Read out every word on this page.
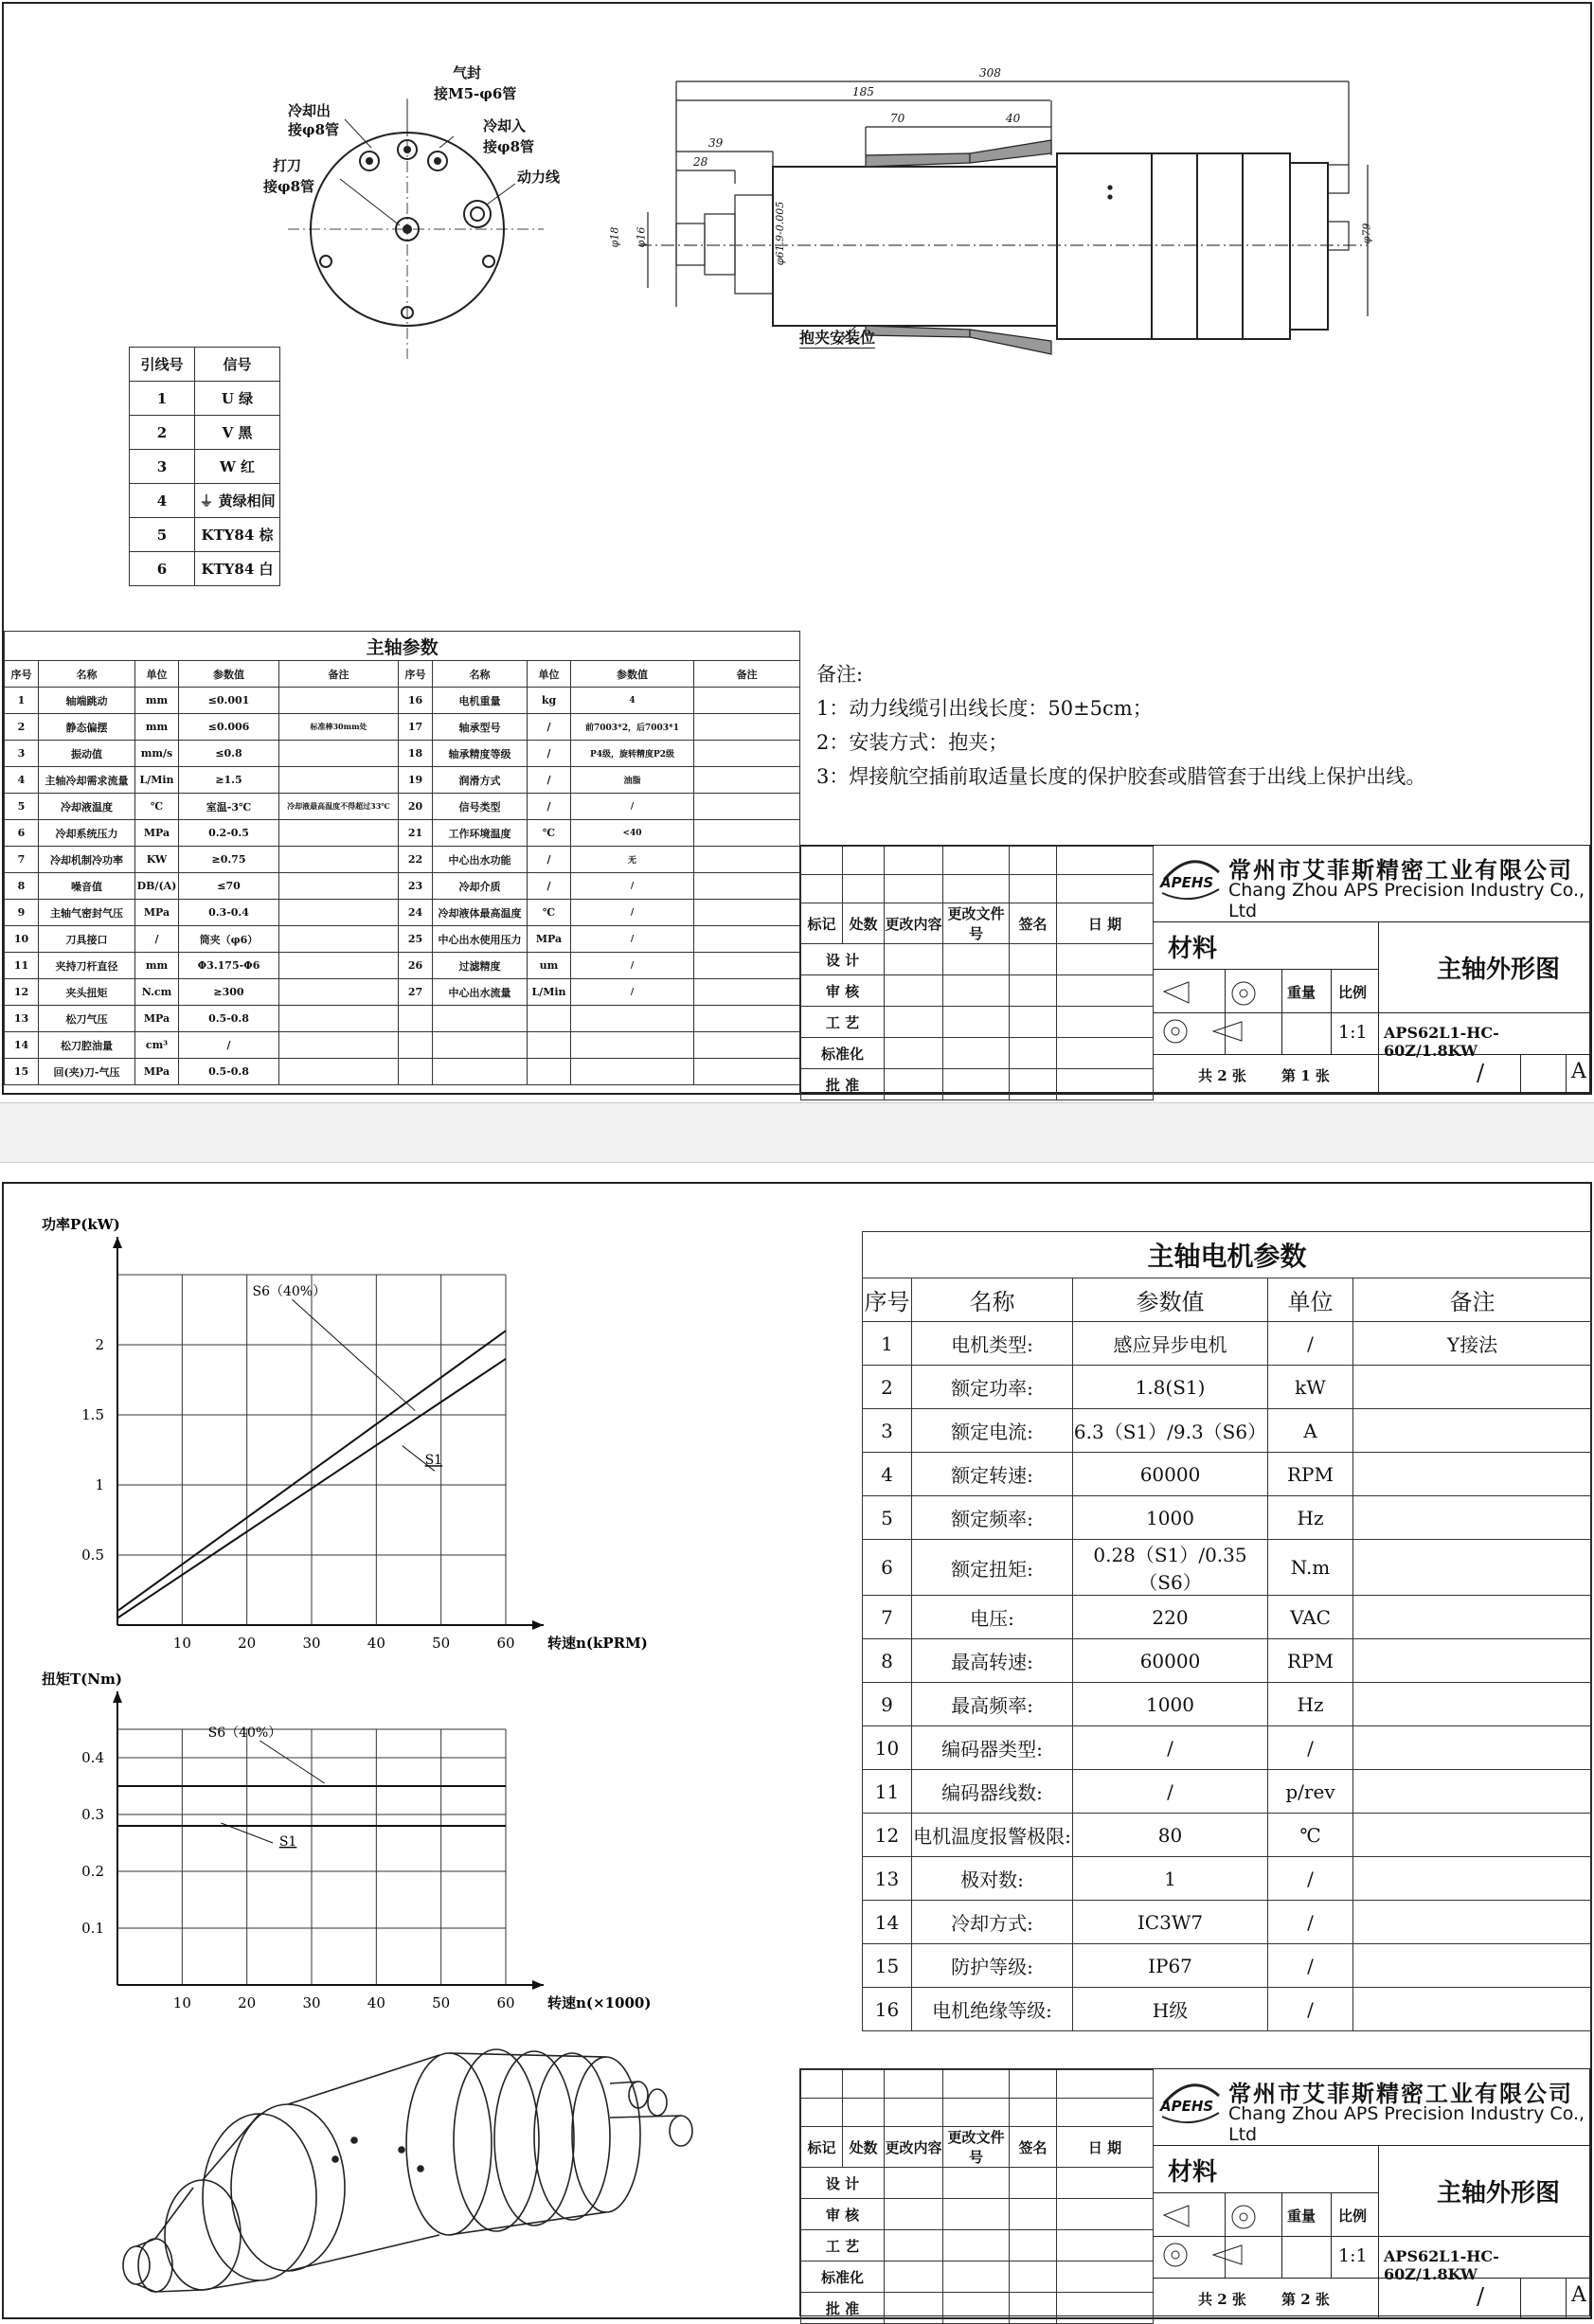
气封
接M5-φ6管
冷却出
接φ8管	冷却入
接φ8管
打刀
接φ8管
动力线
308
185
70	40
39
28
φ18 φ16	φ61.9-0.005	φ79
抱夹安装位
引线号	信号
1	U 绿
2	V 黑
3	W 红
4	⏚ 黄绿相间
5	KTY84 棕
6	KTY84 白
主轴参数									
序号	名称	单位	参数值	备注	序号	名称	单位	参数值	备注
1	轴端跳动	mm	≤0.001		16	电机重量	kg	4	
2	静态偏摆	mm	≤0.006	标准棒30mm处	17	轴承型号	/	前7003*2，后7003*1	
3	振动值	mm/s	≤0.8		18	轴承精度等级	/	P4级，旋转精度P2级	
4	主轴冷却需求流量	L/Min	≥1.5		19	润滑方式	/	油脂	
5	冷却液温度	℃	室温-3℃	冷却液最高温度不得超过33℃	20	信号类型	/	/	
6	冷却系统压力	MPa	0.2-0.5		21	工作环境温度	℃	<40	
7	冷却机制冷功率	KW	≥0.75		22	中心出水功能	/	无	
8	噪音值	DB/(A)	≤70		23	冷却介质	/	/	
9	主轴气密封气压	MPa	0.3-0.4		24	冷却液体最高温度	℃	/	
10	刀具接口	/	筒夹（φ6）		25	中心出水使用压力	MPa	/	
11	夹持刀杆直径	mm	Φ3.175-Φ6		26	过滤精度	um	/	
12	夹头扭矩	N.cm	≥300		27	中心出水流量	L/Min	/	
13	松刀气压	MPa	0.5-0.8						
14	松刀腔油量	cm³	/						
15	回(夹)刀-气压	MPa	0.5-0.8						
备注:
1：动力线缆引出线长度：50±5cm；
2：安装方式：抱夹；
3：焊接航空插前取适量长度的保护胶套或腊管套于出线上保护出线。

标记	处数	更改内容	更改文件号	签名	日 期
设 计					
审 核					
工 艺					
标准化					
批 准					
APEHS 常州市艾菲斯精密工业有限公司
Chang Zhou APS Precision Industry Co., Ltd
材料
重量 比例
1:1
主轴外形图
APS62L1-HC-60Z/1.8KW
共 2 张 第 1 张	/	A
10	20	30	40	50	60
2
1.5
1
0.5
功率P(kW)
转速n(kPRM)
S6（40%）
S1
10	20	30	40	50	60
0.4
0.3
0.2
0.1
扭矩T(Nm)
转速n(×1000)
S6（40%）
S1
主轴电机参数				
序号	名称	参数值	单位	备注
1	电机类型:	感应异步电机	/	Y接法
2	额定功率:	1.8(S1)	kW	
3	额定电流:	6.3（S1）/9.3（S6）	A	
4	额定转速:	60000	RPM	
5	额定频率:	1000	Hz	
6	额定扭矩:	0.28（S1）/0.35（S6）	N.m	
7	电压:	220	VAC	
8	最高转速:	60000	RPM	
9	最高频率:	1000	Hz	
10	编码器类型:	/	/	
11	编码器线数:	/	p/rev	
12	电机温度报警极限:	80	℃	
13	极对数:	1	/	
14	冷却方式:	IC3W7	/	
15	防护等级:	IP67	/	
16	电机绝缘等级:	H级	/	

标记	处数	更改内容	更改文件号	签名	日 期
设 计					
审 核					
工 艺					
标准化					
批 准					
APEHS 常州市艾菲斯精密工业有限公司
Chang Zhou APS Precision Industry Co., Ltd
材料
重量 比例
1:1
主轴外形图
APS62L1-HC-60Z/1.8KW
共 2 张 第 2 张	/	A
